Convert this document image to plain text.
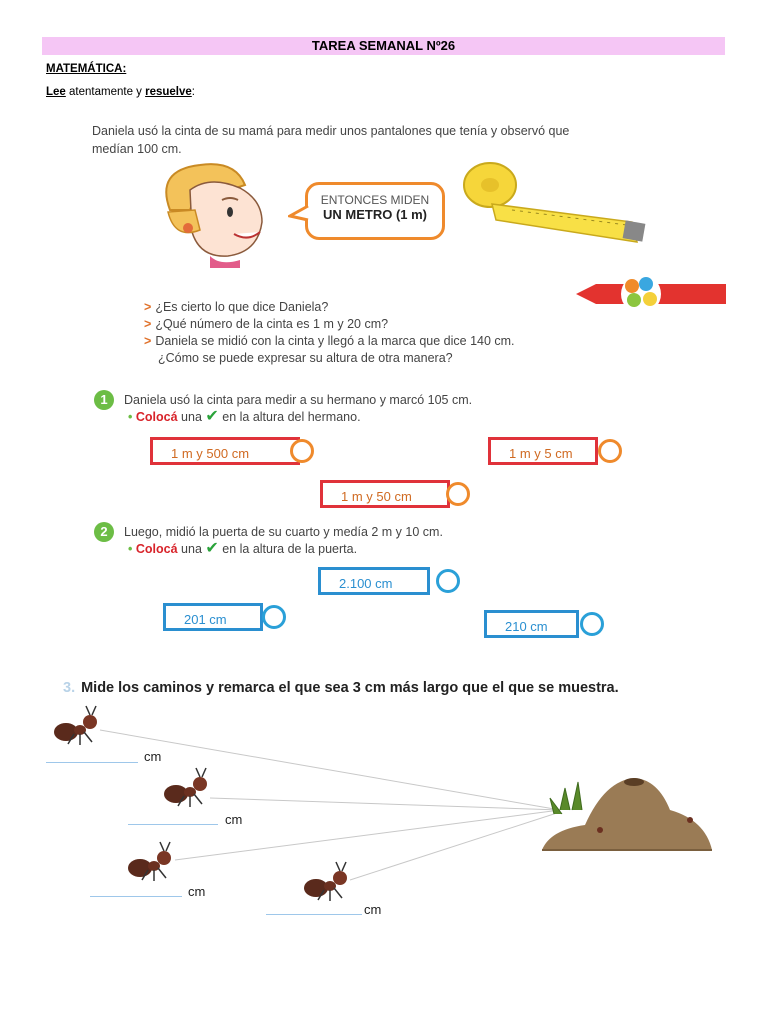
TAREA SEMANAL Nº26
MATEMÁTICA:
Lee atentamente y resuelve:
Daniela usó la cinta de su mamá para medir unos pantalones que tenía y observó que
medían 100 cm.
ENTONCES MIDEN
UN METRO (1 m)
> ¿Es cierto lo que dice Daniela?
> ¿Qué número de la cinta es 1 m y 20 cm?
> Daniela se midió con la cinta y llegó a la marca que dice 140 cm.
¿Cómo se puede expresar su altura de otra manera?
1	Daniela usó la cinta para medir a su hermano y marcó 105 cm.
• Colocá una ✔ en la altura del hermano.
1 m y 500 cm	1 m y 5 cm
1 m y 50 cm
2	Luego, midió la puerta de su cuarto y medía 2 m y 10 cm.
• Colocá una ✔ en la altura de la puerta.
2.100 cm
201 cm	210 cm
3. Mide los caminos y remarca el que sea 3 cm más largo que el que se muestra.
cm
cm
cm
cm
